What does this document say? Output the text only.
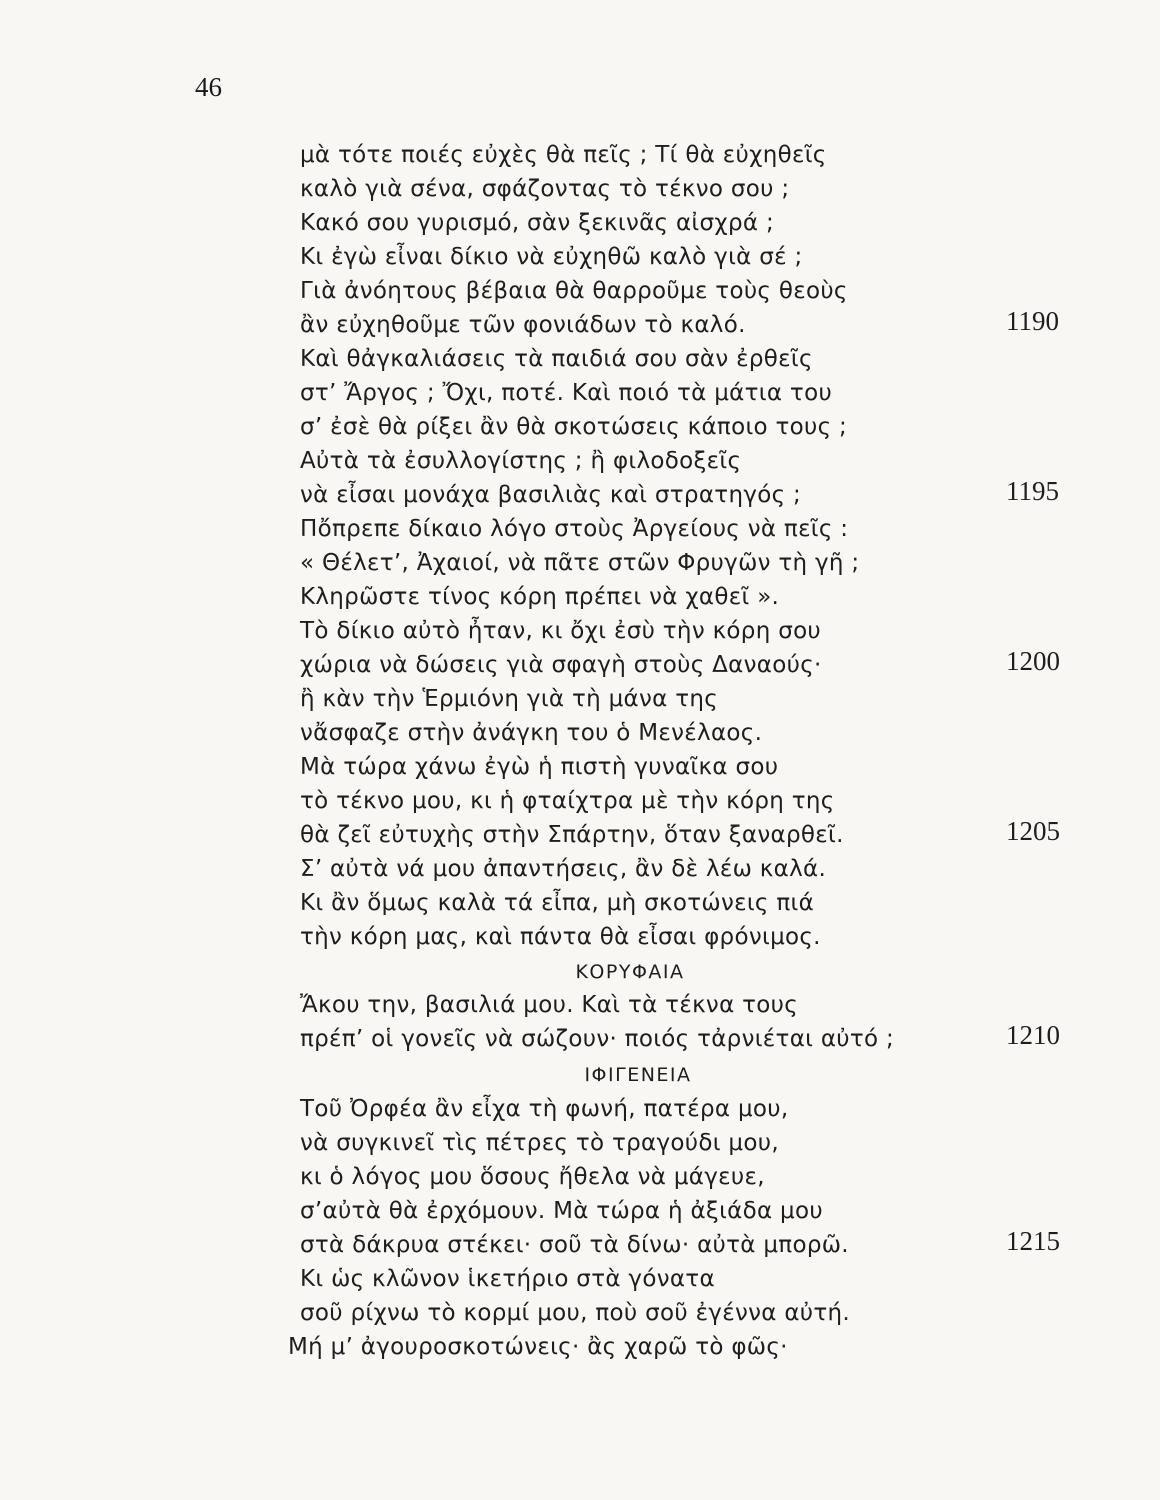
46
μὰ τότε ποιές εὐχὲς θὰ πεῖς ; Τί θὰ εὐχηθεῖς
καλὸ γιὰ σένα, σφάζοντας τὸ τέκνο σου ;
Κακό σου γυρισμό, σὰν ξεκινᾶς αἰσχρά ;
Κι ἐγὼ εἶναι δίκιο νὰ εὐχηθῶ καλὸ γιὰ σέ ;
Γιὰ ἀνόητους βέβαια θὰ θαρροῦμε τοὺς θεοὺς
ἂν εὐχηθοῦμε τῶν φονιάδων τὸ καλό.	1190
Καὶ θἀγκαλιάσεις τὰ παιδιά σου σὰν ἐρθεῖς
στ’ Ἄργος ; Ὄχι, ποτέ. Καὶ ποιό τὰ μάτια του
σ’ ἐσὲ θὰ ρίξει ἂν θὰ σκοτώσεις κάποιο τους ;
Αὐτὰ τὰ ἐσυλλογίστης ; ἢ φιλοδοξεῖς
νὰ εἶσαι μονάχα βασιλιὰς καὶ στρατηγός ;	1195
Πὄπρεπε δίκαιο λόγο στοὺς Ἀργείους νὰ πεῖς :
« Θέλετ’, Ἀχαιοί, νὰ πᾶτε στῶν Φρυγῶν τὴ γῆ ;
Κληρῶστε τίνος κόρη πρέπει νὰ χαθεῖ ».
Τὸ δίκιο αὐτὸ ἦταν, κι ὄχι ἐσὺ τὴν κόρη σου
χώρια νὰ δώσεις γιὰ σφαγὴ στοὺς Δαναούς·	1200
ἢ κὰν τὴν Ἑρμιόνη γιὰ τὴ μάνα της
νἄσφαζε στὴν ἀνάγκη του ὁ Μενέλαος.
Μὰ τώρα χάνω ἐγὼ ἡ πιστὴ γυναῖκα σου
τὸ τέκνο μου, κι ἡ φταίχτρα μὲ τὴν κόρη της
θὰ ζεῖ εὐτυχὴς στὴν Σπάρτην, ὅταν ξαναρθεῖ.	1205
Σ’ αὐτὰ νά μου ἀπαντήσεις, ἂν δὲ λέω καλά.
Κι ἂν ὅμως καλὰ τά εἶπα, μὴ σκοτώνεις πιά
τὴν κόρη μας, καὶ πάντα θὰ εἶσαι φρόνιμος.
ΚΟΡΥΦΑΙΑ
Ἄκου την, βασιλιά μου. Καὶ τὰ τέκνα τους
πρέπ’ οἱ γονεῖς νὰ σώζουν· ποιός τἀρνιέται αὐτό ;	1210
ΙΦΙΓΕΝΕΙΑ
Τοῦ Ὀρφέα ἂν εἶχα τὴ φωνή, πατέρα μου,
νὰ συγκινεῖ τὶς πέτρες τὸ τραγούδι μου,
κι ὁ λόγος μου ὅσους ἤθελα νὰ μάγευε,
σ’αὐτὰ θὰ ἐρχόμουν. Μὰ τώρα ἡ ἀξιάδα μου
στὰ δάκρυα στέκει· σοῦ τὰ δίνω· αὐτὰ μπορῶ.	1215
Κι ὡς κλῶνον ἱκετήριο στὰ γόνατα
σοῦ ρίχνω τὸ κορμί μου, ποὺ σοῦ ἐγέννα αὐτή.
Μή μ’ ἀγουροσκοτώνεις· ἂς χαρῶ τὸ φῶς·
